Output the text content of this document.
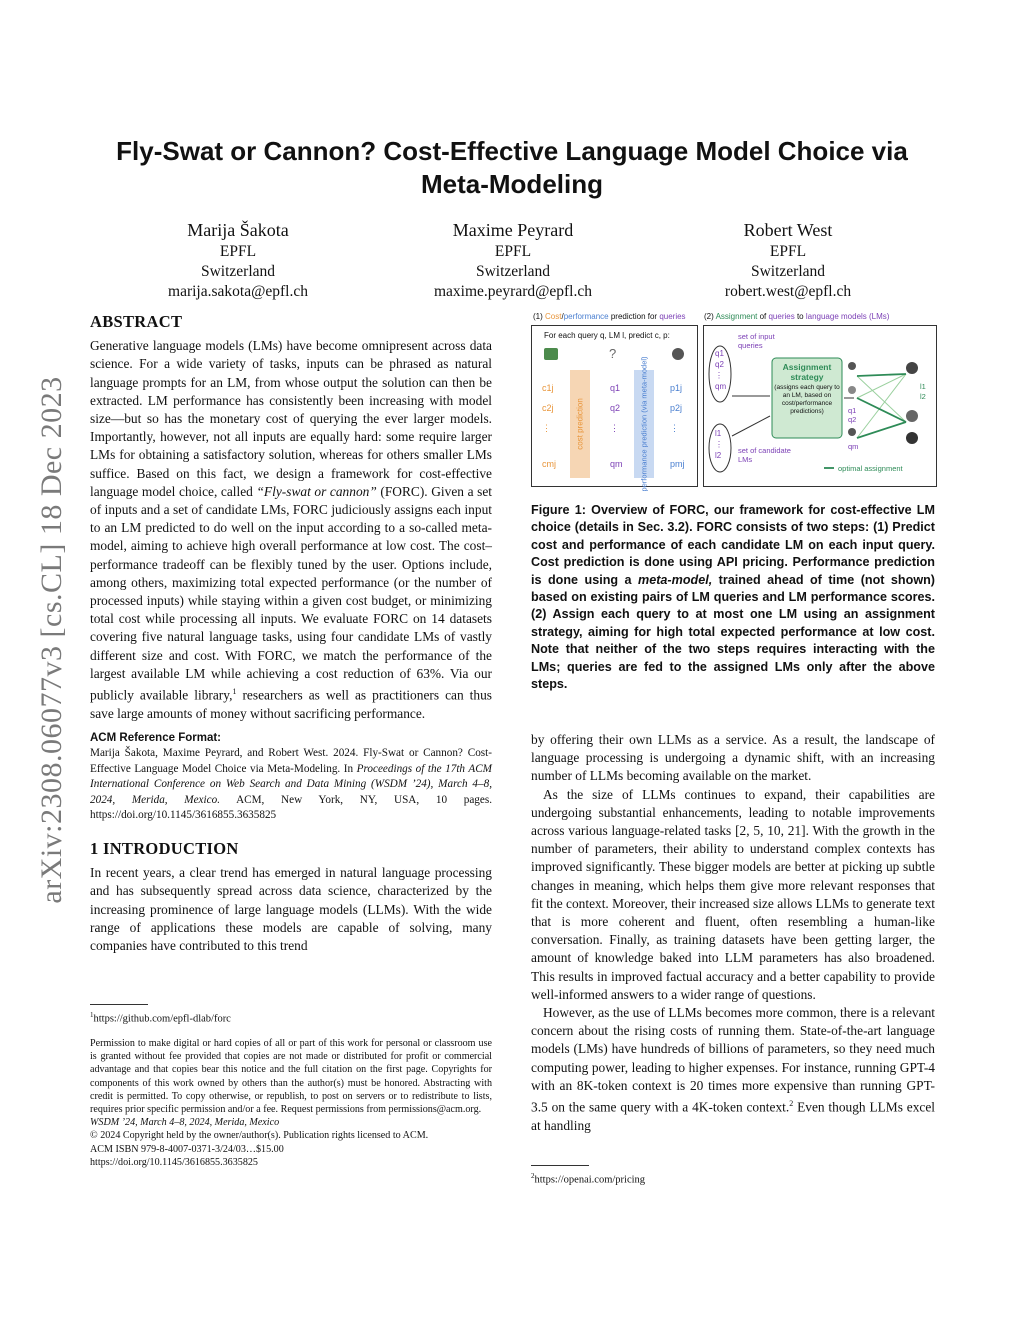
arXiv:2308.06077v3 [cs.CL] 18 Dec 2023
Fly-Swat or Cannon? Cost-Effective Language Model Choice via
Meta-Modeling
Marija Šakota
EPFL
Switzerland
marija.sakota@epfl.ch
Maxime Peyrard
EPFL
Switzerland
maxime.peyrard@epfl.ch
Robert West
EPFL
Switzerland
robert.west@epfl.ch
ABSTRACT

Generative language models (LMs) have become omnipresent across data science. For a wide variety of tasks, inputs can be phrased as natural language prompts for an LM, from whose output the solution can then be extracted. LM performance has consistently been increasing with model size—but so has the monetary cost of querying the ever larger models. Importantly, however, not all inputs are equally hard: some require larger LMs for obtaining a satisfactory solution, whereas for others smaller LMs suffice. Based on this fact, we design a framework for cost-effective language model choice, called “Fly-swat or cannon” (FORC). Given a set of inputs and a set of candidate LMs, FORC judiciously assigns each input to an LM predicted to do well on the input according to a so-called meta-model, aiming to achieve high overall performance at low cost. The cost–performance tradeoff can be flexibly tuned by the user. Options include, among others, maximizing total expected performance (or the number of processed inputs) while staying within a given cost budget, or minimizing total cost while processing all inputs. We evaluate FORC on 14 datasets covering five natural language tasks, using four candidate LMs of vastly different size and cost. With FORC, we match the performance of the largest available LM while achieving a cost reduction of 63%. Via our publicly available library,$^1$ researchers as well as practitioners can thus save large amounts of money without sacrificing performance.

ACM Reference Format:
Marija Šakota, Maxime Peyrard, and Robert West. 2024. Fly-Swat or Cannon? Cost-Effective Language Model Choice via Meta-Modeling. In Proceedings of the 17th ACM International Conference on Web Search and Data Mining (WSDM ’24), March 4–8, 2024, Merida, Mexico. ACM, New York, NY, USA, 10 pages. https://doi.org/10.1145/3616855.3635825
1 INTRODUCTION

In recent years, a clear trend has emerged in natural language processing and has subsequently spread across data science, characterized by the increasing prominence of large language models (LLMs). With the wide range of applications these models are capable of solving, many companies have contributed to this trend

$^1$https://github.com/epfl-dlab/forc

Permission to make digital or hard copies of all or part of this work for personal or classroom use is granted without fee provided that copies are not made or distributed for profit or commercial advantage and that copies bear this notice and the full citation on the first page. Copyrights for components of this work owned by others than the author(s) must be honored. Abstracting with credit is permitted. To copy otherwise, or republish, to post on servers or to redistribute to lists, requires prior specific permission and/or a fee. Request permissions from permissions@acm.org.

WSDM ’24, March 4–8, 2024, Merida, Mexico

© 2024 Copyright held by the owner/author(s). Publication rights licensed to ACM.

ACM ISBN 979-8-4007-0371-3/24/03…$15.00

https://doi.org/10.1145/3616855.3635825

(1) Cost/performance prediction for queries
For each query q, LM l, predict c, p:
?
cost prediction	performance prediction (via meta-model)
c1j
c2j
⋮
cmj
q1
q2
⋮
qm
p1j
p2j
⋮
pmj
(2) Assignment of queries to language models (LMs)
set of input queries
set of candidate LMs
q1
q2
⋮
qm
l1
⋮
l2
Assignment strategy
(assigns each query to an LM, based on cost/performance predictions)
optimal assignment
q1
q2
qm
l1
l2
Figure 1: Overview of FORC, our framework for cost-effective LM choice (details in Sec. 3.2). FORC consists of two steps: (1) Predict cost and performance of each candidate LM on each input query. Cost prediction is done using API pricing. Performance prediction is done using a meta-model, trained ahead of time (not shown) based on existing pairs of LM queries and LM performance scores. (2) Assign each query to at most one LM using an assignment strategy, aiming for high total expected performance at low cost. Note that neither of the two steps requires interacting with the LMs; queries are fed to the assigned LMs only after the above steps.

by offering their own LLMs as a service. As a result, the landscape of language processing is undergoing a dynamic shift, with an increasing number of LLMs becoming available on the market.

As the size of LLMs continues to expand, their capabilities are undergoing substantial enhancements, leading to notable improvements across various language-related tasks [2, 5, 10, 21]. With the growth in the number of parameters, their ability to understand complex contexts has improved significantly. These bigger models are better at picking up subtle changes in meaning, which helps them give more relevant responses that fit the context. Moreover, their increased size allows LLMs to generate text that is more coherent and fluent, often resembling a human-like conversation. Finally, as training datasets have been getting larger, the amount of knowledge baked into LLM parameters has also broadened. This results in improved factual accuracy and a better capability to provide well-informed answers to a wider range of questions.

However, as the use of LLMs becomes more common, there is a relevant concern about the rising costs of running them. State-of-the-art language models (LMs) have hundreds of billions of parameters, so they need much computing power, leading to higher expenses. For instance, running GPT-4 with an 8K-token context is 20 times more expensive than running GPT-3.5 on the same query with a 4K-token context.$^2$ Even though LLMs excel at handling

$^2$https://openai.com/pricing
